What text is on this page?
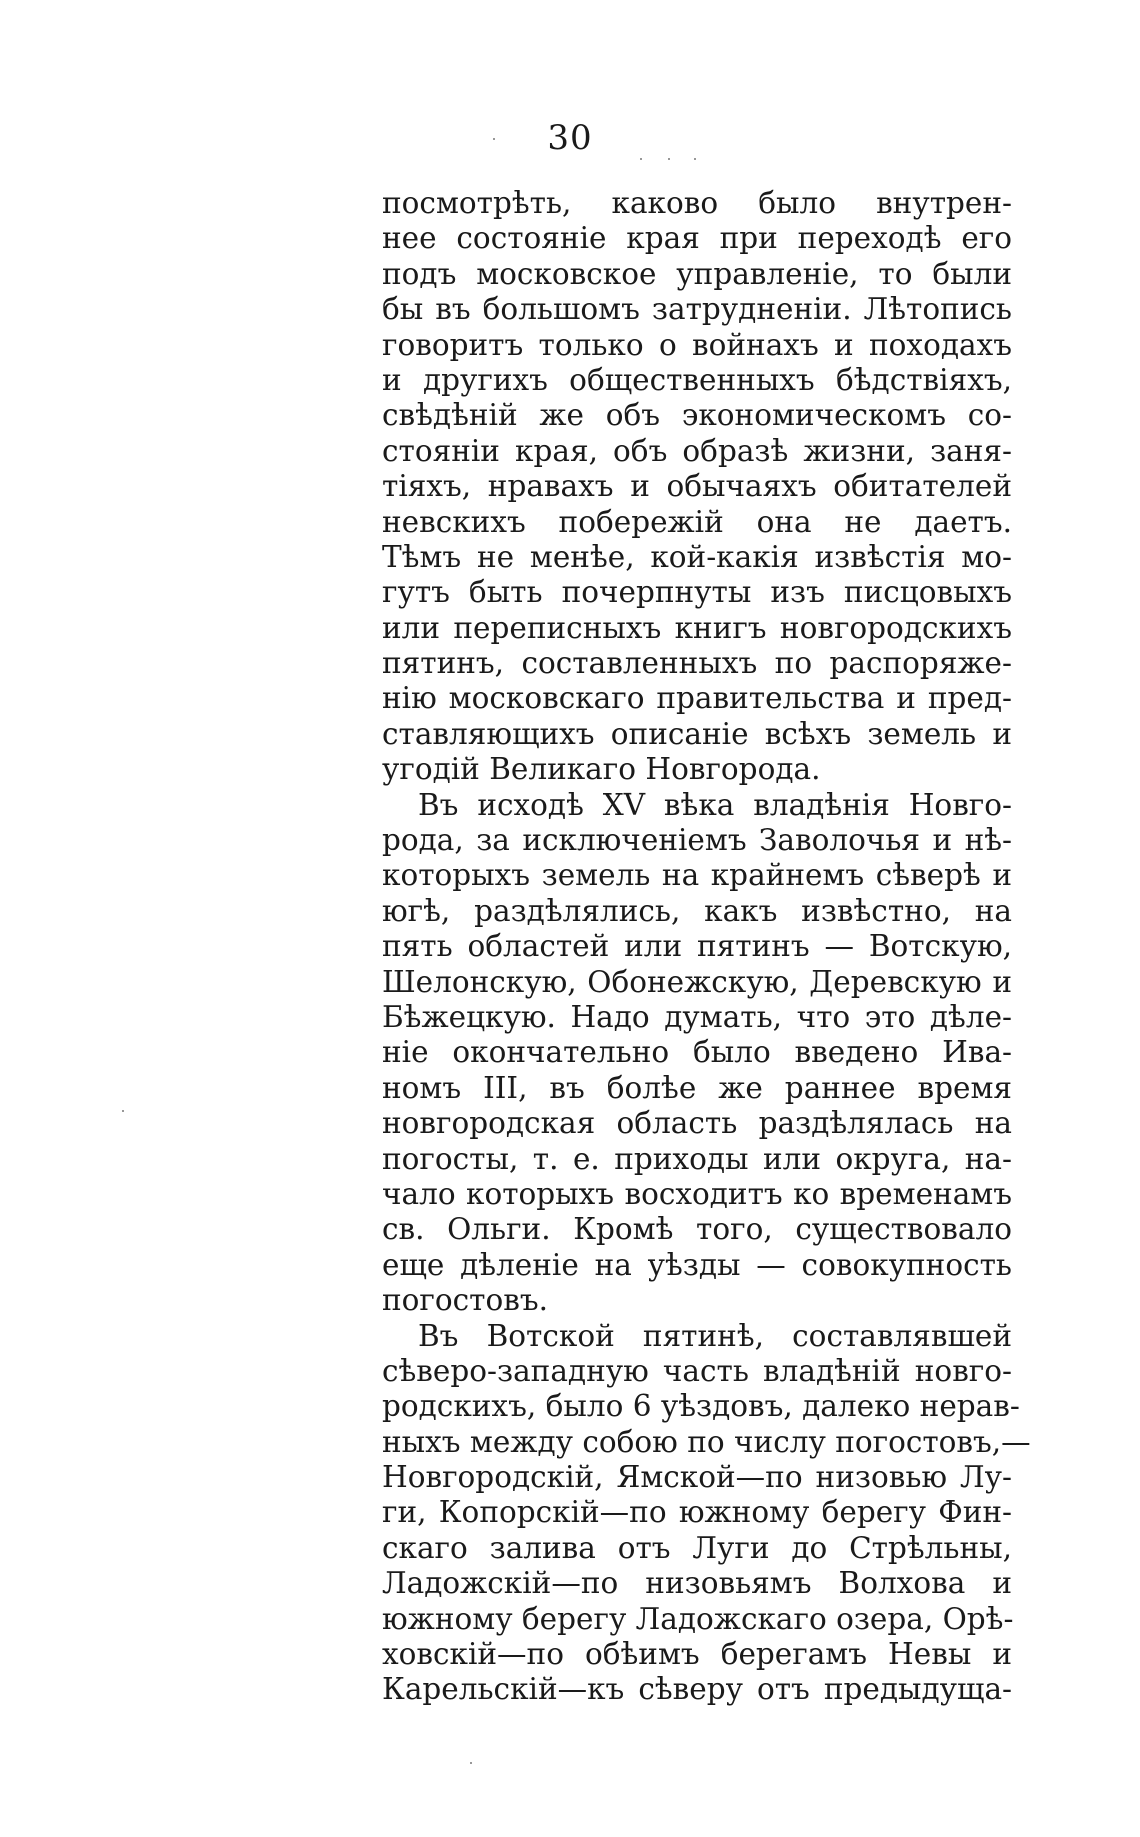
30
посмотрѣть, каково было внутрен-
нее состоянie края при переходѣ его
подъ московское управленie, то были
бы въ большомъ затрудненiи. Лѣтопись
говоритъ только о войнахъ и походахъ
и другихъ общественныхъ бѣдствiяхъ,
свѣдѣнiй же объ экономическомъ со-
стоянiи края, объ образѣ жизни, заня-
тiяхъ, нравахъ и обычаяхъ обитателей
невскихъ побережiй она не даетъ.
Тѣмъ не менѣе, кой-какiя извѣстiя мо-
гутъ быть почерпнуты изъ писцовыхъ
или переписныхъ книгъ новгородскихъ
пятинъ, составленныхъ по распоряже-
нiю московскаго правительства и пред-
ставляющихъ описанie всѣхъ земель и
угодiй Великаго Новгорода.
Въ исходѣ XV вѣка владѣнiя Новго-
рода, за исключенiемъ Заволочья и нѣ-
которыхъ земель на крайнемъ сѣверѣ и
югѣ, раздѣлялись, какъ извѣстно, на
пять областей или пятинъ — Вотскую,
Шелонскую, Обонежскую, Деревскую и
Бѣжецкую. Надо думать, что это дѣле-
нie окончательно было введено Ива-
номъ III, въ болѣе же раннее время
новгородская область раздѣлялась на
погосты, т. е. приходы или округа, на-
чало которыхъ восходитъ ко временамъ
св. Ольги. Кромѣ того, существовало
еще дѣленie на уѣзды — совокупность
погостовъ.
Въ Вотской пятинѣ, составлявшей
сѣверо-западную часть владѣнiй новго-
родскихъ, было 6 уѣздовъ, далеко нерав-
ныхъ между собою по числу погостовъ,—
Новгородскiй, Ямской—по низовью Лу-
ги, Копорскiй—по южному берегу Фин-
скаго залива отъ Луги до Стрѣльны,
Ладожскiй—по низовьямъ Волхова и
южному берегу Ладожскаго озера, Орѣ-
ховскiй—по обѣимъ берегамъ Невы и
Карельскiй—къ сѣверу отъ предыдуща-
